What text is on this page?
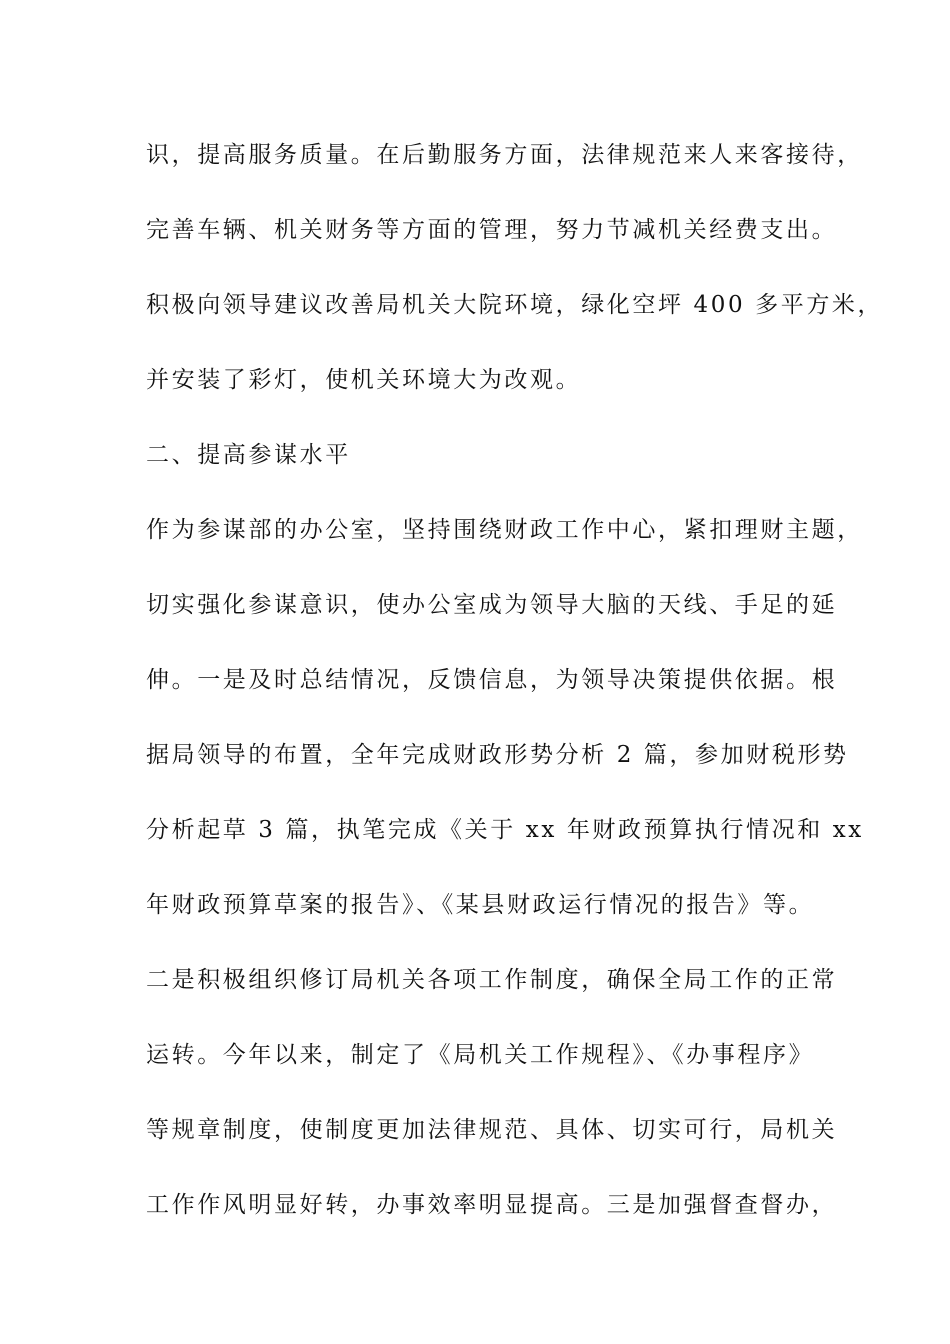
识，提高服务质量。在后勤服务方面，法律规范来人来客接待，

完善车辆、机关财务等方面的管理，努力节减机关经费支出。

积极向领导建议改善局机关大院环境，绿化空坪 400 多平方米，

并安装了彩灯，使机关环境大为改观。

二、提高参谋水平

作为参谋部的办公室，坚持围绕财政工作中心，紧扣理财主题，

切实强化参谋意识，使办公室成为领导大脑的天线、手足的延

伸。一是及时总结情况，反馈信息，为领导决策提供依据。根

据局领导的布置，全年完成财政形势分析 2 篇，参加财税形势

分析起草 3 篇，执笔完成《关于 xx 年财政预算执行情况和 xx

年财政预算草案的报告》、《某县财政运行情况的报告》等。

二是积极组织修订局机关各项工作制度，确保全局工作的正常

运转。今年以来，制定了《局机关工作规程》、《办事程序》

等规章制度，使制度更加法律规范、具体、切实可行，局机关

工作作风明显好转，办事效率明显提高。三是加强督查督办，
